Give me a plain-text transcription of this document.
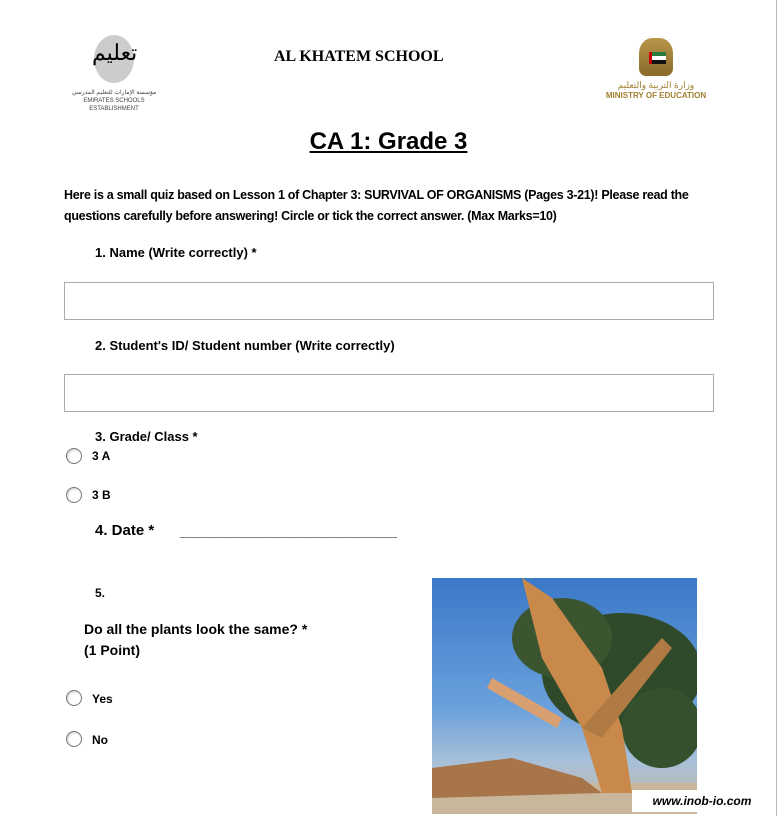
تعليم
مؤسسة الإمارات للتعليم المدرسي
EMIRATES SCHOOLS ESTABLISHMENT
AL KHATEM SCHOOL
وزارة التربية والتعليم
MINISTRY OF EDUCATION
CA 1: Grade 3
Here is a small quiz based on Lesson 1 of Chapter 3: SURVIVAL OF ORGANISMS (Pages 3-21)! Please read the questions carefully before answering! Circle or tick the correct answer. (Max Marks=10)
1. Name (Write correctly) *
2. Student's ID/ Student number (Write correctly)
3. Grade/ Class *
3 A
3 B
4. Date * ______________________________
5.
Do all the plants look the same? *
(1 Point)
Yes
No
www.inob-io.com
